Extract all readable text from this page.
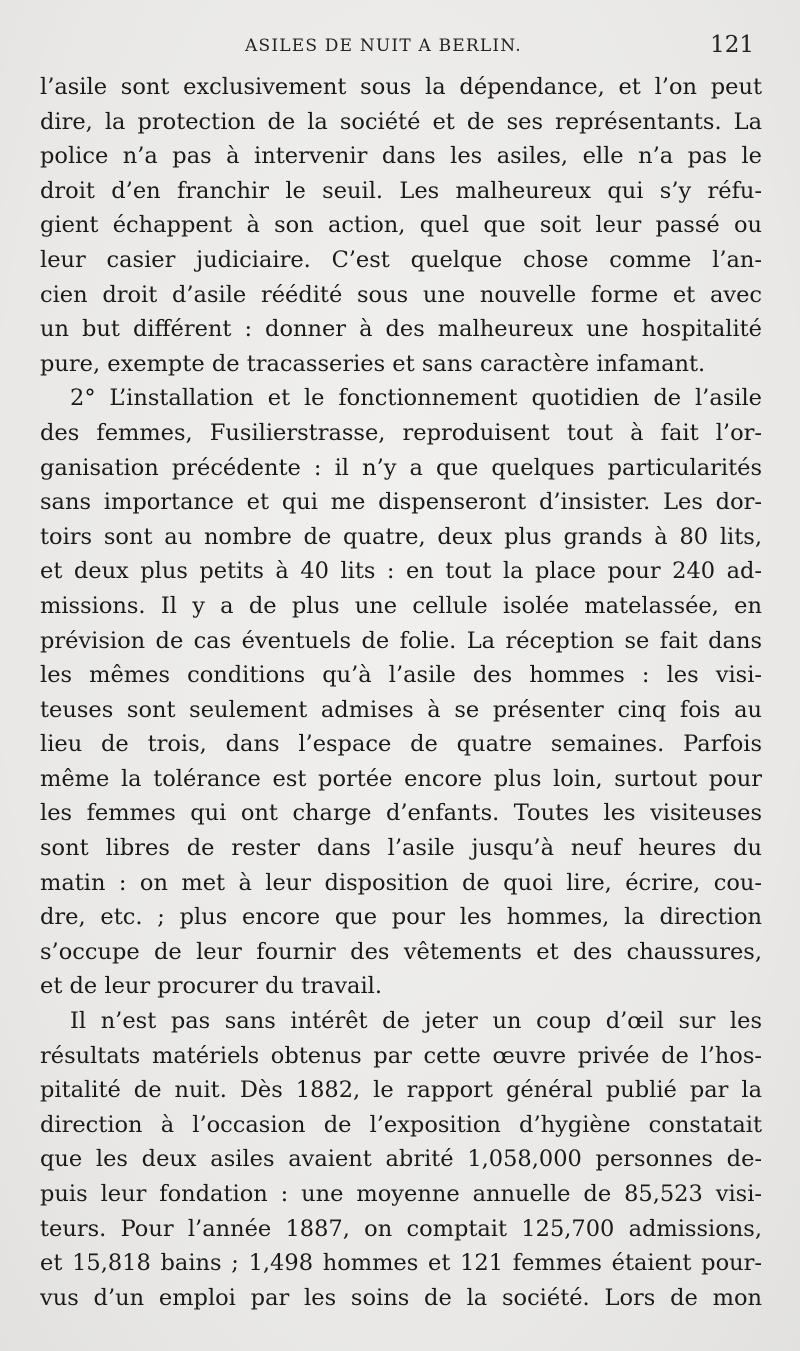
ASILES DE NUIT A BERLIN.	121
l’asile sont exclusivement sous la dépendance, et l’on peut
dire, la protection de la société et de ses représentants. La
police n’a pas à intervenir dans les asiles, elle n’a pas le
droit d’en franchir le seuil. Les malheureux qui s’y réfu-
gient échappent à son action, quel que soit leur passé ou
leur casier judiciaire. C’est quelque chose comme l’an-
cien droit d’asile réédité sous une nouvelle forme et avec
un but différent : donner à des malheureux une hospitalité
pure, exempte de tracasseries et sans caractère infamant.
2° L’installation et le fonctionnement quotidien de l’asile
des femmes, Fusilierstrasse, reproduisent tout à fait l’or-
ganisation précédente : il n’y a que quelques particularités
sans importance et qui me dispenseront d’insister. Les dor-
toirs sont au nombre de quatre, deux plus grands à 80 lits,
et deux plus petits à 40 lits : en tout la place pour 240 ad-
missions. Il y a de plus une cellule isolée matelassée, en
prévision de cas éventuels de folie. La réception se fait dans
les mêmes conditions qu’à l’asile des hommes : les visi-
teuses sont seulement admises à se présenter cinq fois au
lieu de trois, dans l’espace de quatre semaines. Parfois
même la tolérance est portée encore plus loin, surtout pour
les femmes qui ont charge d’enfants. Toutes les visiteuses
sont libres de rester dans l’asile jusqu’à neuf heures du
matin : on met à leur disposition de quoi lire, écrire, cou-
dre, etc. ; plus encore que pour les hommes, la direction
s’occupe de leur fournir des vêtements et des chaussures,
et de leur procurer du travail.
Il n’est pas sans intérêt de jeter un coup d’œil sur les
résultats matériels obtenus par cette œuvre privée de l’hos-
pitalité de nuit. Dès 1882, le rapport général publié par la
direction à l’occasion de l’exposition d’hygiène constatait
que les deux asiles avaient abrité 1,058,000 personnes de-
puis leur fondation : une moyenne annuelle de 85,523 visi-
teurs. Pour l’année 1887, on comptait 125,700 admissions,
et 15,818 bains ; 1,498 hommes et 121 femmes étaient pour-
vus d’un emploi par les soins de la société. Lors de mon
